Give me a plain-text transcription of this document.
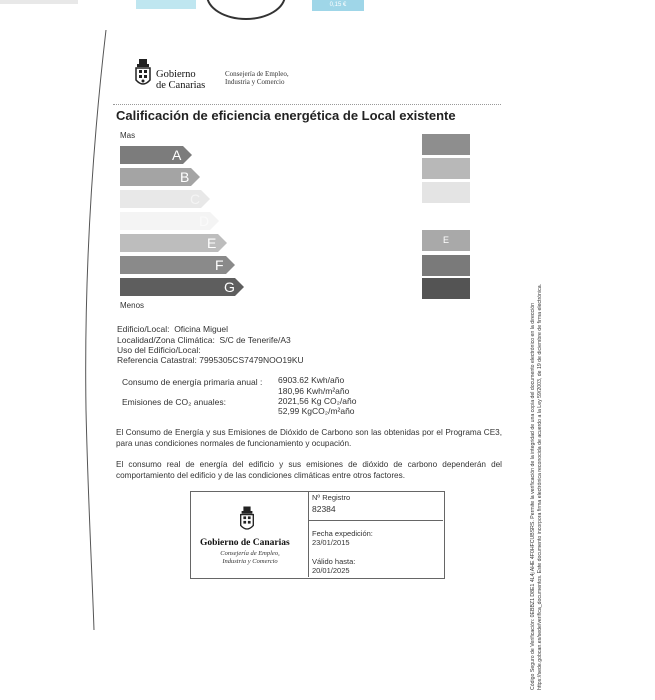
0,15 €
Gobierno
de Canarias
Consejería de Empleo,
Industria y Comercio
Calificación de eficiencia energética de Local existente
Mas
Menos
A
B
C
D
E
F
G
E
Edificio/Local: Oficina Miguel
Localidad/Zona Climática: S/C de Tenerife/A3
Uso del Edificio/Local:
Referencia Catastral: 7995305CS7479NOO19KU
Consumo de energía primaria anual : 6903.62 Kwh/año
180,96 Kwh/m²año
Emisiones de CO₂ anuales:	2021,56 Kg CO₂/año
52,99 KgCO₂/m²año
El Consumo de Energía y sus Emisiones de Dióxido de Carbono son las obtenidas por el Programa CE3, para unas condiciones normales de funcionamiento y ocupación.
El consumo real de energía del edificio y sus emisiones de dióxido de carbono dependerán del comportamiento del edificio y de las condiciones climáticas entre otros factores.
Gobierno de Canarias
Consejería de Empleo, Industria y Comercio
Nº Registro
82384
Fecha expedición:
23/01/2015
Válido hasta:
20/01/2025	Código Seguro de Verificación: 0EBBZ1 D8E1 4L4j AHE 4F0HFCUBSRS. Permite la verificación de la integridad de una copia del documento electrónico en la dirección https://sede.gobcan.es/sede/verifica_documentos. Este documento incorpora firma electrónica reconocida de acuerdo a la Ley 59/2003, de 19 de diciembre de firma electrónica.
